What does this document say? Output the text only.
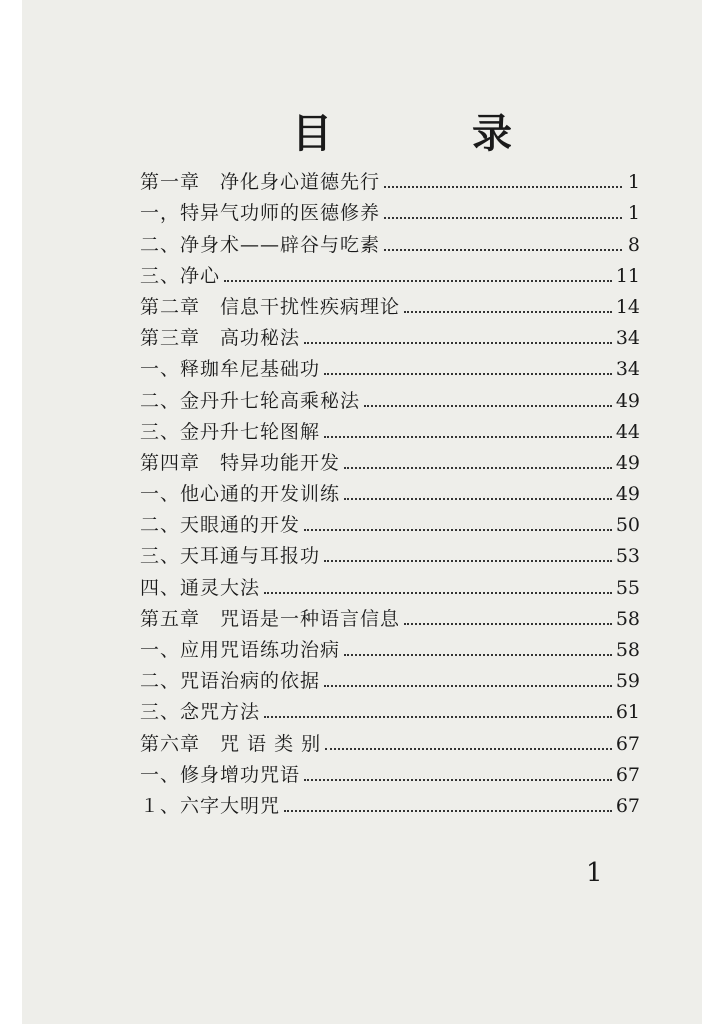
目	录
第一章　净化身心道德先行	1
一，特异气功师的医德修养	1
二、净身术——辟谷与吃素	8
三、净心	11
第二章　信息干扰性疾病理论	14
第三章　高功秘法	34
一、释珈牟尼基础功	34
二、金丹升七轮高乘秘法	49
三、金丹升七轮图解	44
第四章　特异功能开发	49
一、他心通的开发训练	49
二、天眼通的开发	50
三、天耳通与耳报功	53
四、通灵大法	55
第五章　咒语是一种语言信息	58
一、应用咒语练功治病	58
二、咒语治病的依据	59
三、念咒方法	61
第六章　咒 语 类 别	67
一、修身增功咒语	67
１、六字大明咒	67
1
